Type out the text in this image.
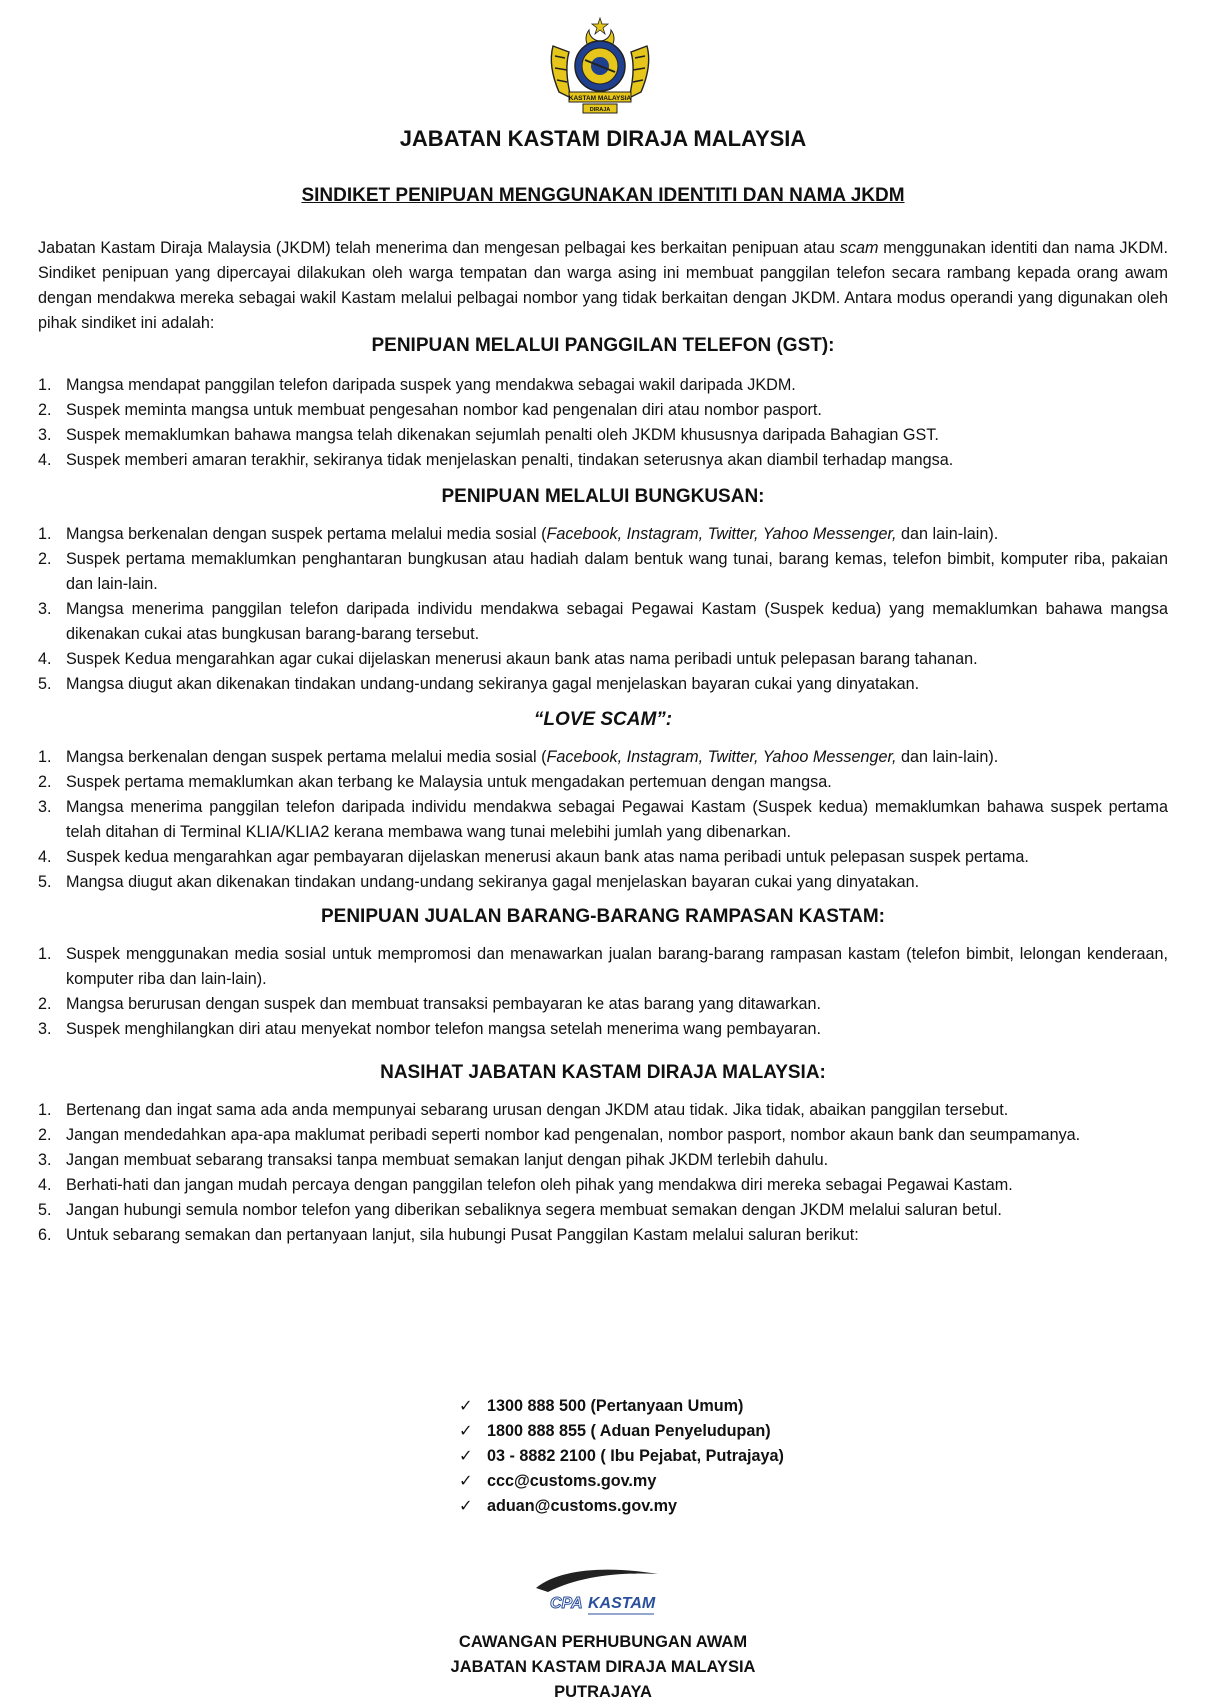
KASTAM MALAYSIA
DIRAJA
JABATAN KASTAM DIRAJA MALAYSIA
SINDIKET PENIPUAN MENGGUNAKAN IDENTITI DAN NAMA JKDM

Jabatan Kastam Diraja Malaysia (JKDM) telah menerima dan mengesan pelbagai kes berkaitan penipuan atau scam menggunakan identiti dan nama JKDM. Sindiket penipuan yang dipercayai dilakukan oleh warga tempatan dan warga asing ini membuat panggilan telefon secara rambang kepada orang awam dengan mendakwa mereka sebagai wakil Kastam melalui pelbagai nombor yang tidak berkaitan dengan JKDM. Antara modus operandi yang digunakan oleh pihak sindiket ini adalah:

PENIPUAN MELALUI PANGGILAN TELEFON (GST):
1. Mangsa mendapat panggilan telefon daripada suspek yang mendakwa sebagai wakil daripada JKDM.
2. Suspek meminta mangsa untuk membuat pengesahan nombor kad pengenalan diri atau nombor pasport.
3. Suspek memaklumkan bahawa mangsa telah dikenakan sejumlah penalti oleh JKDM khususnya daripada Bahagian GST.
4. Suspek memberi amaran terakhir, sekiranya tidak menjelaskan penalti, tindakan seterusnya akan diambil terhadap mangsa.
PENIPUAN MELALUI BUNGKUSAN:
1. Mangsa berkenalan dengan suspek pertama melalui media sosial (Facebook, Instagram, Twitter, Yahoo Messenger, dan lain-lain).
2. Suspek pertama memaklumkan penghantaran bungkusan atau hadiah dalam bentuk wang tunai, barang kemas, telefon bimbit, komputer riba, pakaian dan lain-lain.
3. Mangsa menerima panggilan telefon daripada individu mendakwa sebagai Pegawai Kastam (Suspek kedua) yang memaklumkan bahawa mangsa dikenakan cukai atas bungkusan barang-barang tersebut.
4. Suspek Kedua mengarahkan agar cukai dijelaskan menerusi akaun bank atas nama peribadi untuk pelepasan barang tahanan.
5. Mangsa diugut akan dikenakan tindakan undang-undang sekiranya gagal menjelaskan bayaran cukai yang dinyatakan.
“LOVE SCAM”:
1. Mangsa berkenalan dengan suspek pertama melalui media sosial (Facebook, Instagram, Twitter, Yahoo Messenger, dan lain-lain).
2. Suspek pertama memaklumkan akan terbang ke Malaysia untuk mengadakan pertemuan dengan mangsa.
3. Mangsa menerima panggilan telefon daripada individu mendakwa sebagai Pegawai Kastam (Suspek kedua) memaklumkan bahawa suspek pertama telah ditahan di Terminal KLIA/KLIA2 kerana membawa wang tunai melebihi jumlah yang dibenarkan.
4. Suspek kedua mengarahkan agar pembayaran dijelaskan menerusi akaun bank atas nama peribadi untuk pelepasan suspek pertama.
5. Mangsa diugut akan dikenakan tindakan undang-undang sekiranya gagal menjelaskan bayaran cukai yang dinyatakan.
PENIPUAN JUALAN BARANG-BARANG RAMPASAN KASTAM:
1. Suspek menggunakan media sosial untuk mempromosi dan menawarkan jualan barang-barang rampasan kastam (telefon bimbit, lelongan kenderaan, komputer riba dan lain-lain).
2. Mangsa berurusan dengan suspek dan membuat transaksi pembayaran ke atas barang yang ditawarkan.
3. Suspek menghilangkan diri atau menyekat nombor telefon mangsa setelah menerima wang pembayaran.
NASIHAT JABATAN KASTAM DIRAJA MALAYSIA:
1. Bertenang dan ingat sama ada anda mempunyai sebarang urusan dengan JKDM atau tidak. Jika tidak, abaikan panggilan tersebut.
2. Jangan mendedahkan apa-apa maklumat peribadi seperti nombor kad pengenalan, nombor pasport, nombor akaun bank dan seumpamanya.
3. Jangan membuat sebarang transaksi tanpa membuat semakan lanjut dengan pihak JKDM terlebih dahulu.
4. Berhati-hati dan jangan mudah percaya dengan panggilan telefon oleh pihak yang mendakwa diri mereka sebagai Pegawai Kastam.
5. Jangan hubungi semula nombor telefon yang diberikan sebaliknya segera membuat semakan dengan JKDM melalui saluran betul.
6. Untuk sebarang semakan dan pertanyaan lanjut, sila hubungi Pusat Panggilan Kastam melalui saluran berikut:
✓ 1300 888 500 (Pertanyaan Umum)
✓ 1800 888 855 ( Aduan Penyeludupan)
✓ 03 - 8882 2100 ( Ibu Pejabat, Putrajaya)
✓ ccc@customs.gov.my
✓ aduan@customs.gov.my
CPA KASTAM
CAWANGAN PERHUBUNGAN AWAM
JABATAN KASTAM DIRAJA MALAYSIA
PUTRAJAYA
